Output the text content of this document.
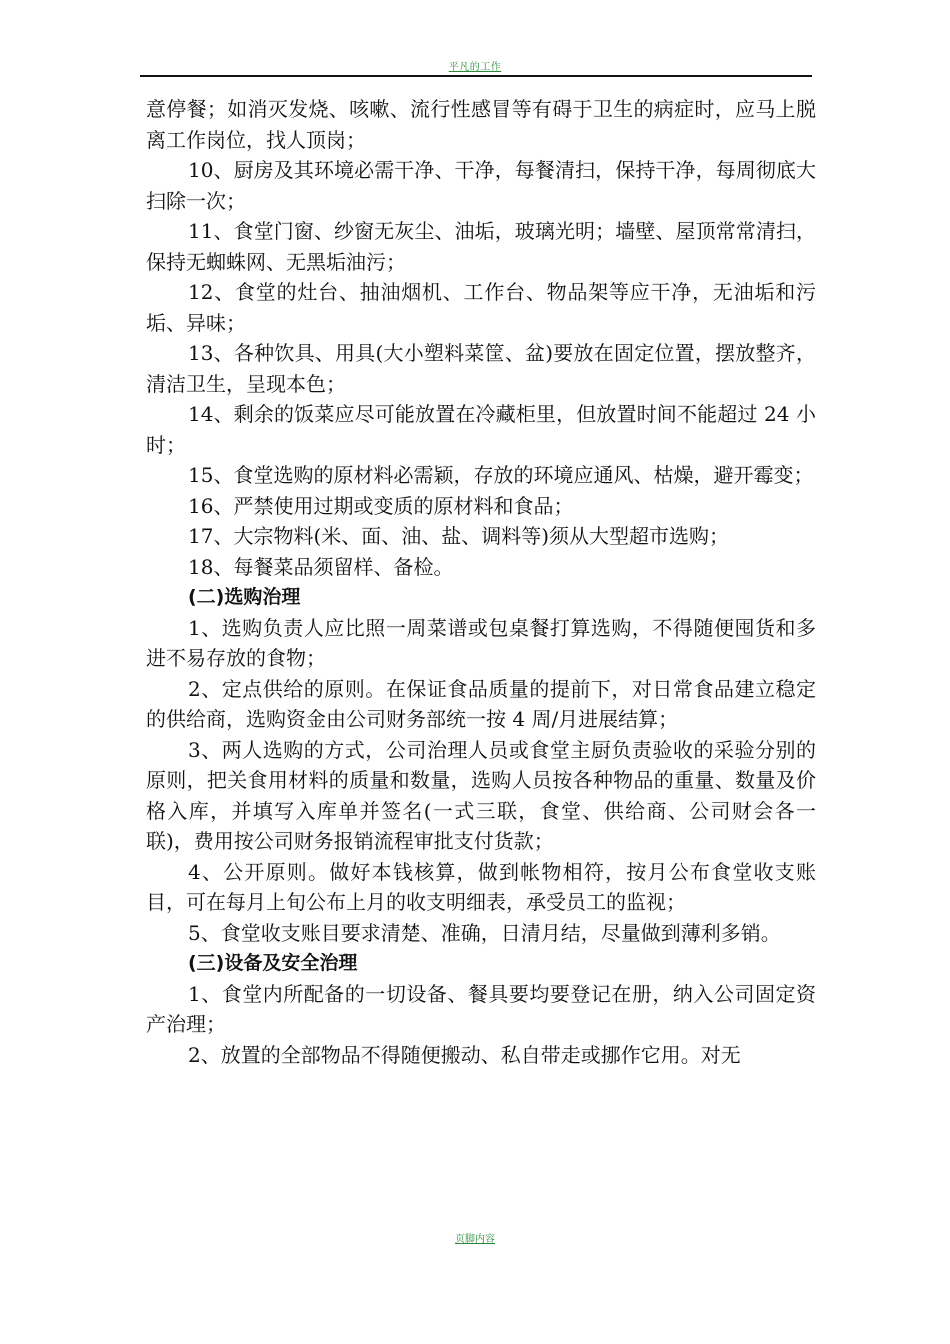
平凡的工作

意停餐；如消灭发烧、咳嗽、流行性感冒等有碍于卫生的病症时，应马上脱离工作岗位，找人顶岗；

10、厨房及其环境必需干净、干净，每餐清扫，保持干净，每周彻底大扫除一次；

11、食堂门窗、纱窗无灰尘、油垢，玻璃光明；墙壁、屋顶常常清扫，保持无蜘蛛网、无黑垢油污；

12、食堂的灶台、抽油烟机、工作台、物品架等应干净，无油垢和污垢、异味；

13、各种饮具、用具(大小塑料菜筐、盆)要放在固定位置，摆放整齐，清洁卫生，呈现本色；

14、剩余的饭菜应尽可能放置在冷藏柜里，但放置时间不能超过 24 小时；

15、食堂选购的原材料必需颖，存放的环境应通风、枯燥，避开霉变；

16、严禁使用过期或变质的原材料和食品；

17、大宗物料(米、面、油、盐、调料等)须从大型超市选购；

18、每餐菜品须留样、备检。

(二)选购治理

1、选购负责人应比照一周菜谱或包桌餐打算选购，不得随便囤货和多进不易存放的食物；

2、定点供给的原则。在保证食品质量的提前下，对日常食品建立稳定的供给商，选购资金由公司财务部统一按 4 周/月进展结算；

3、两人选购的方式，公司治理人员或食堂主厨负责验收的采验分别的原则，把关食用材料的质量和数量，选购人员按各种物品的重量、数量及价格入库，并填写入库单并签名(一式三联，食堂、供给商、公司财会各一联)，费用按公司财务报销流程审批支付货款；

4、公开原则。做好本钱核算，做到帐物相符，按月公布食堂收支账目，可在每月上旬公布上月的收支明细表，承受员工的监视；

5、食堂收支账目要求清楚、准确，日清月结，尽量做到薄利多销。

(三)设备及安全治理

1、食堂内所配备的一切设备、餐具要均要登记在册，纳入公司固定资产治理；

2、放置的全部物品不得随便搬动、私自带走或挪作它用。对无

页脚内容
